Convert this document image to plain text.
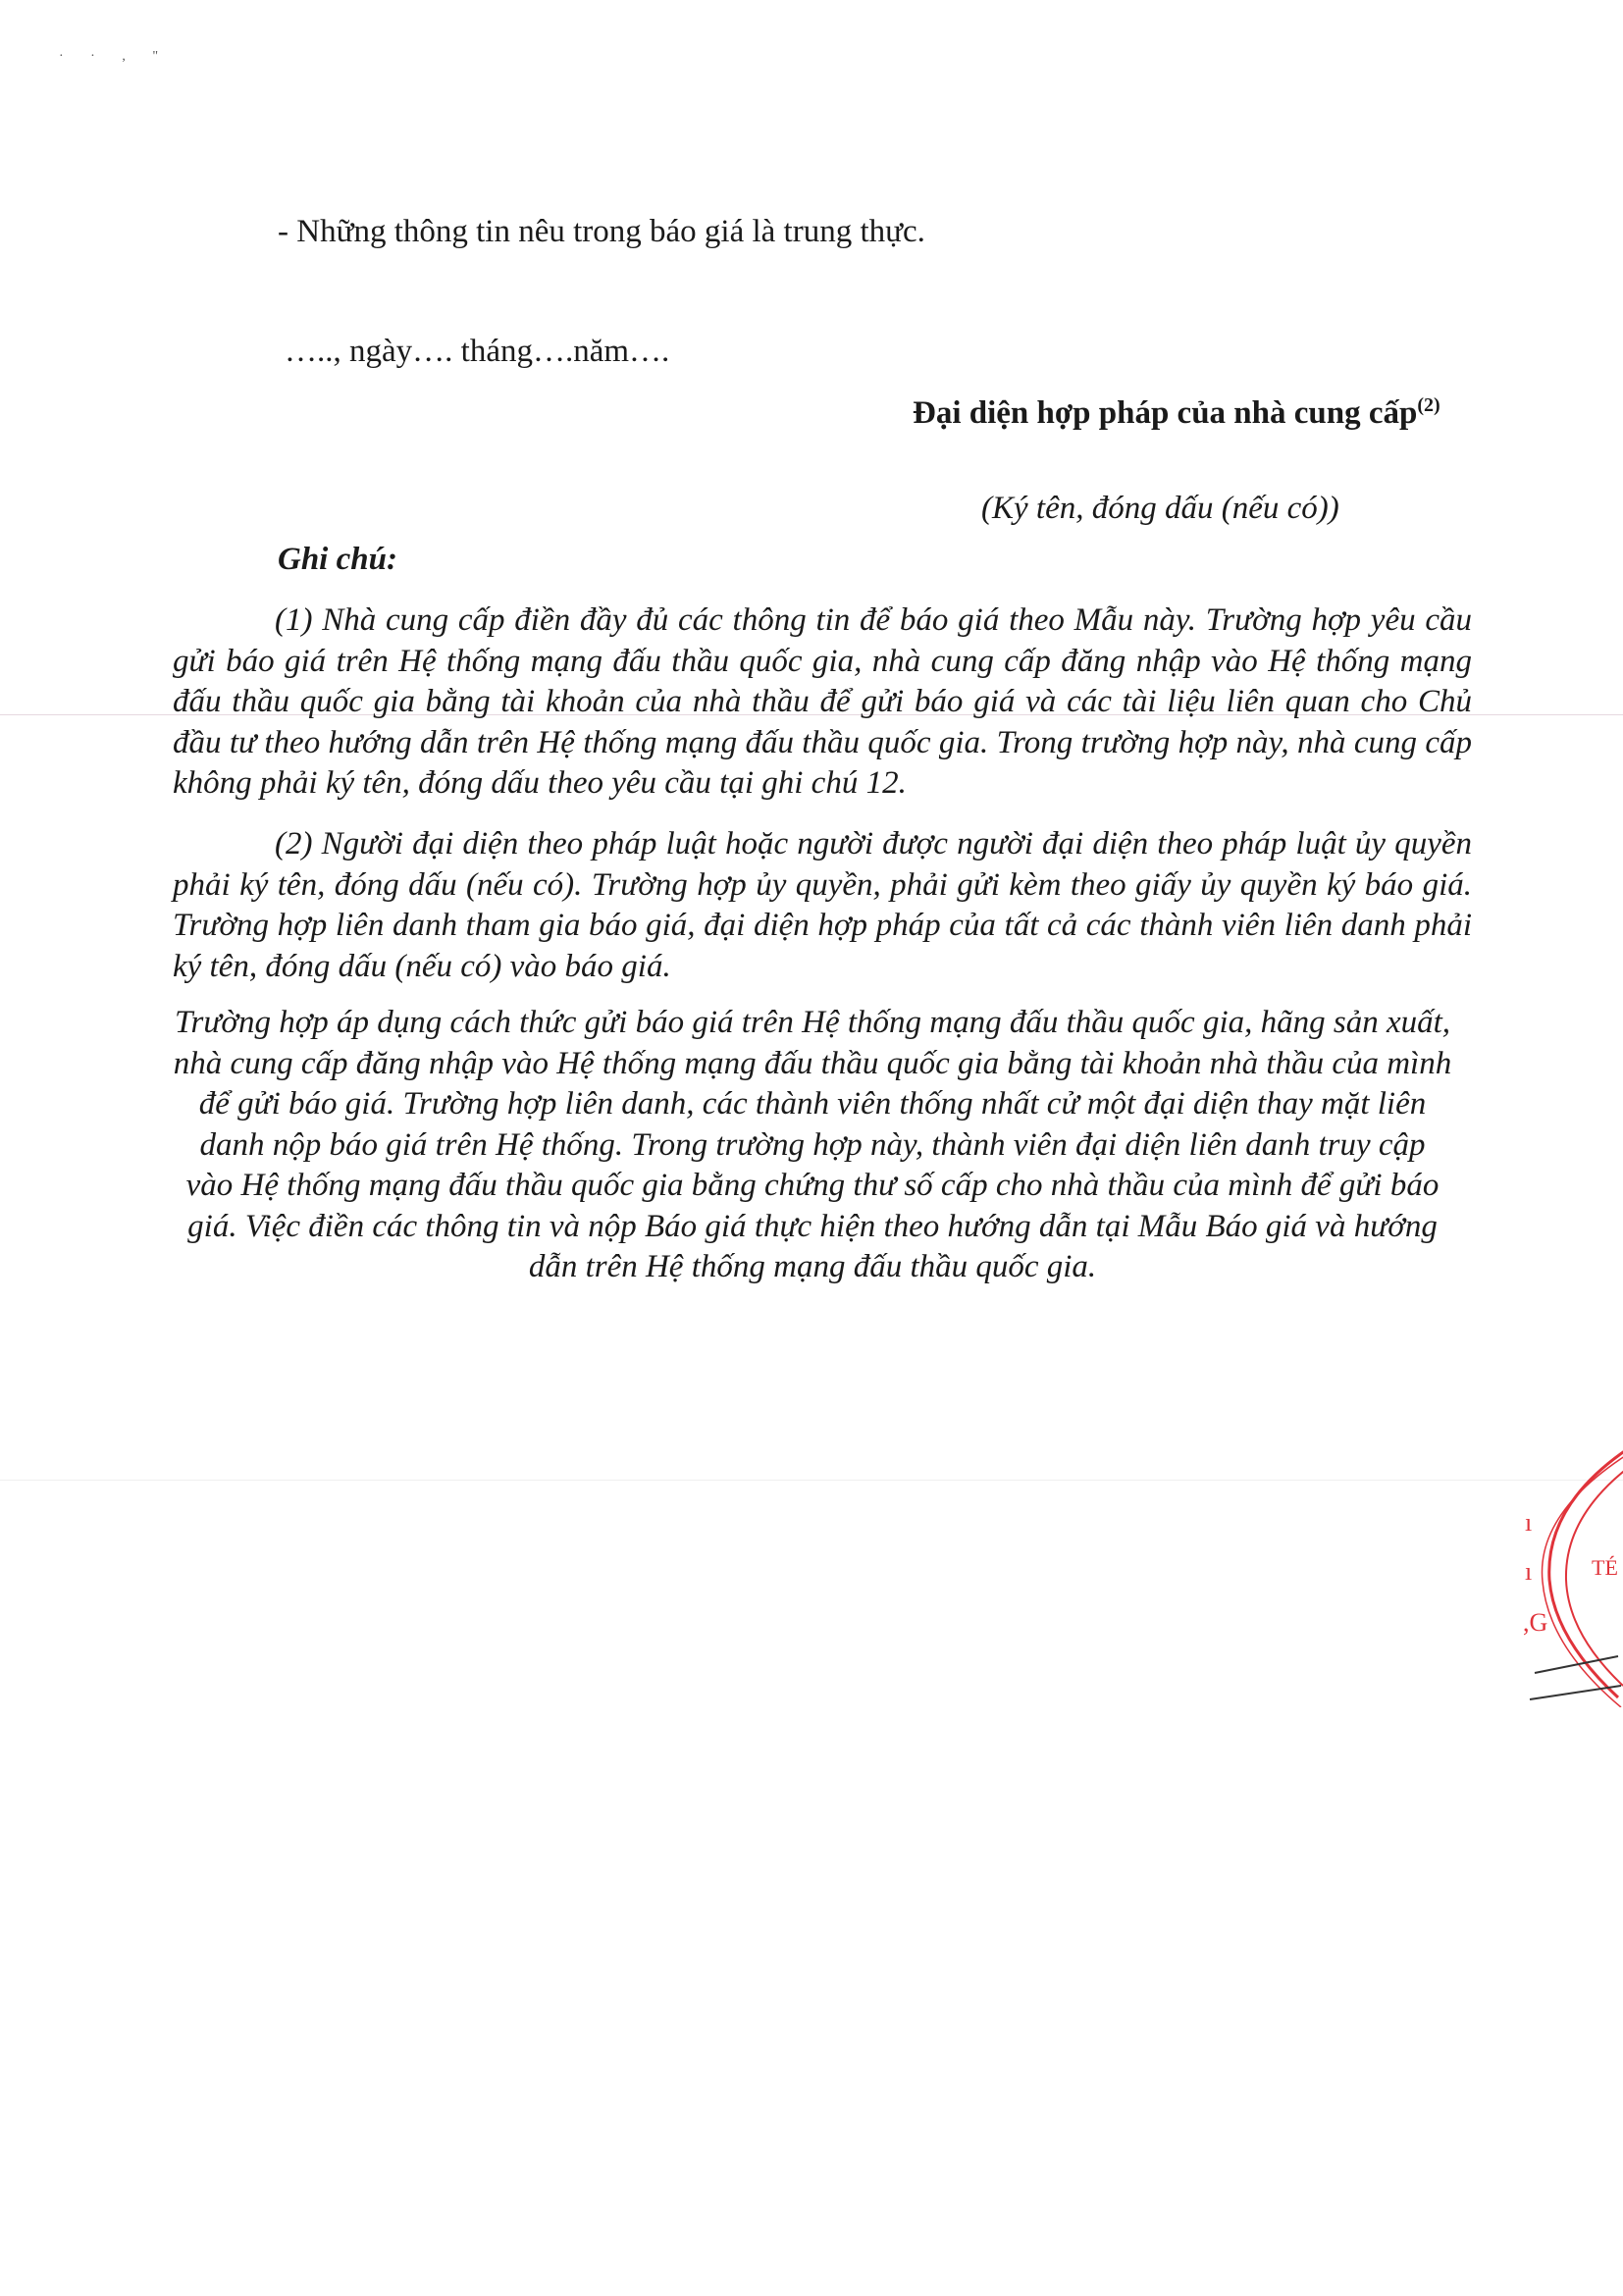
· · , "
- Những thông tin nêu trong báo giá là trung thực.
….., ngày…. tháng….năm….
Đại diện hợp pháp của nhà cung cấp$^{(2)}$
(Ký tên, đóng dấu (nếu có))
Ghi chú:
(1) Nhà cung cấp điền đầy đủ các thông tin để báo giá theo Mẫu này. Trường hợp yêu cầu gửi báo giá trên Hệ thống mạng đấu thầu quốc gia, nhà cung cấp đăng nhập vào Hệ thống mạng đấu thầu quốc gia bằng tài khoản của nhà thầu để gửi báo giá và các tài liệu liên quan cho Chủ đầu tư theo hướng dẫn trên Hệ thống mạng đấu thầu quốc gia. Trong trường hợp này, nhà cung cấp không phải ký tên, đóng dấu theo yêu cầu tại ghi chú 12.
(2) Người đại diện theo pháp luật hoặc người được người đại diện theo pháp luật ủy quyền phải ký tên, đóng dấu (nếu có). Trường hợp ủy quyền, phải gửi kèm theo giấy ủy quyền ký báo giá. Trường hợp liên danh tham gia báo giá, đại diện hợp pháp của tất cả các thành viên liên danh phải ký tên, đóng dấu (nếu có) vào báo giá.
Trường hợp áp dụng cách thức gửi báo giá trên Hệ thống mạng đấu thầu quốc gia, hãng sản xuất, nhà cung cấp đăng nhập vào Hệ thống mạng đấu thầu quốc gia bằng tài khoản nhà thầu của mình để gửi báo giá. Trường hợp liên danh, các thành viên thống nhất cử một đại diện thay mặt liên danh nộp báo giá trên Hệ thống. Trong trường hợp này, thành viên đại diện liên danh truy cập vào Hệ thống mạng đấu thầu quốc gia bằng chứng thư số cấp cho nhà thầu của mình để gửi báo giá. Việc điền các thông tin và nộp Báo giá thực hiện theo hướng dẫn tại Mẫu Báo giá và hướng dẫn trên Hệ thống mạng đấu thầu quốc gia.
ı
TÉ
ı
,G
